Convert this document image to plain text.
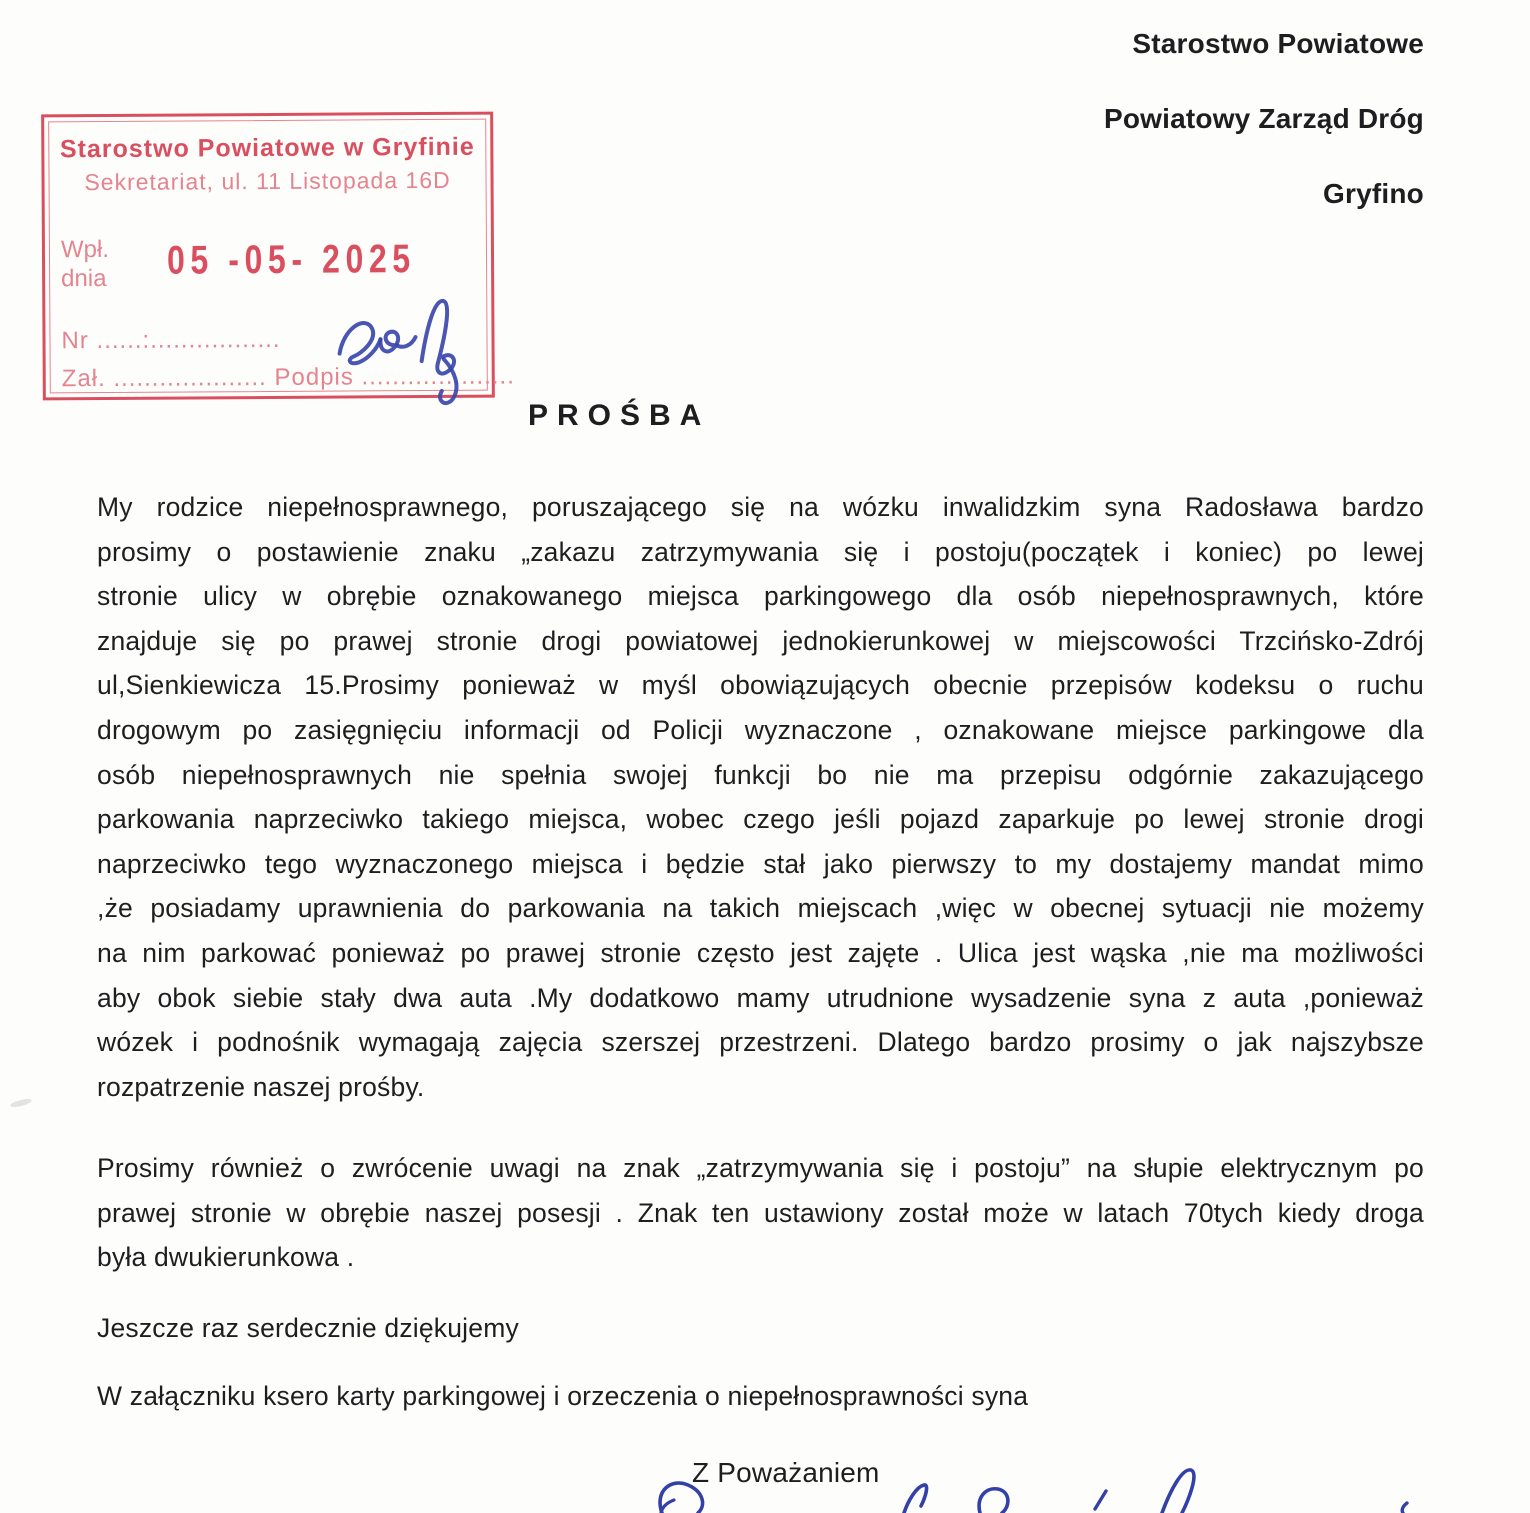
Starostwo Powiatowe
Powiatowy Zarząd Dróg
Gryfino
Starostwo Powiatowe w Gryfinie
Sekretariat, ul. 11 Listopada 16D
Wpł.
dnia 05 -05- 2025
Nr ......:.................
Zał. .................... Podpis ....................
PROŚBA
My rodzice niepełnosprawnego, poruszającego się na wózku inwalidzkim syna Radosława bardzo
prosimy o postawienie znaku „zakazu zatrzymywania się i postoju(początek i koniec) po lewej
stronie ulicy w obrębie oznakowanego miejsca parkingowego dla osób niepełnosprawnych, które
znajduje się po prawej stronie drogi powiatowej jednokierunkowej w miejscowości Trzcińsko-Zdrój
ul,Sienkiewicza 15.Prosimy ponieważ w myśl obowiązujących obecnie przepisów kodeksu o ruchu
drogowym po zasięgnięciu informacji od Policji wyznaczone , oznakowane miejsce parkingowe dla
osób niepełnosprawnych nie spełnia swojej funkcji bo nie ma przepisu odgórnie zakazującego
parkowania naprzeciwko takiego miejsca, wobec czego jeśli pojazd zaparkuje po lewej stronie drogi
naprzeciwko tego wyznaczonego miejsca i będzie stał jako pierwszy to my dostajemy mandat mimo
,że posiadamy uprawnienia do parkowania na takich miejscach ,więc w obecnej sytuacji nie możemy
na nim parkować ponieważ po prawej stronie często jest zajęte . Ulica jest wąska ,nie ma możliwości
aby obok siebie stały dwa auta .My dodatkowo mamy utrudnione wysadzenie syna z auta ,ponieważ
wózek i podnośnik wymagają zajęcia szerszej przestrzeni. Dlatego bardzo prosimy o jak najszybsze
rozpatrzenie naszej prośby.
Prosimy również o zwrócenie uwagi na znak „zatrzymywania się i postoju” na słupie elektrycznym po
prawej stronie w obrębie naszej posesji . Znak ten ustawiony został może w latach 70tych kiedy droga
była dwukierunkowa .
Jeszcze raz serdecznie dziękujemy
W załączniku ksero karty parkingowej i orzeczenia o niepełnosprawności syna
Z Poważaniem
